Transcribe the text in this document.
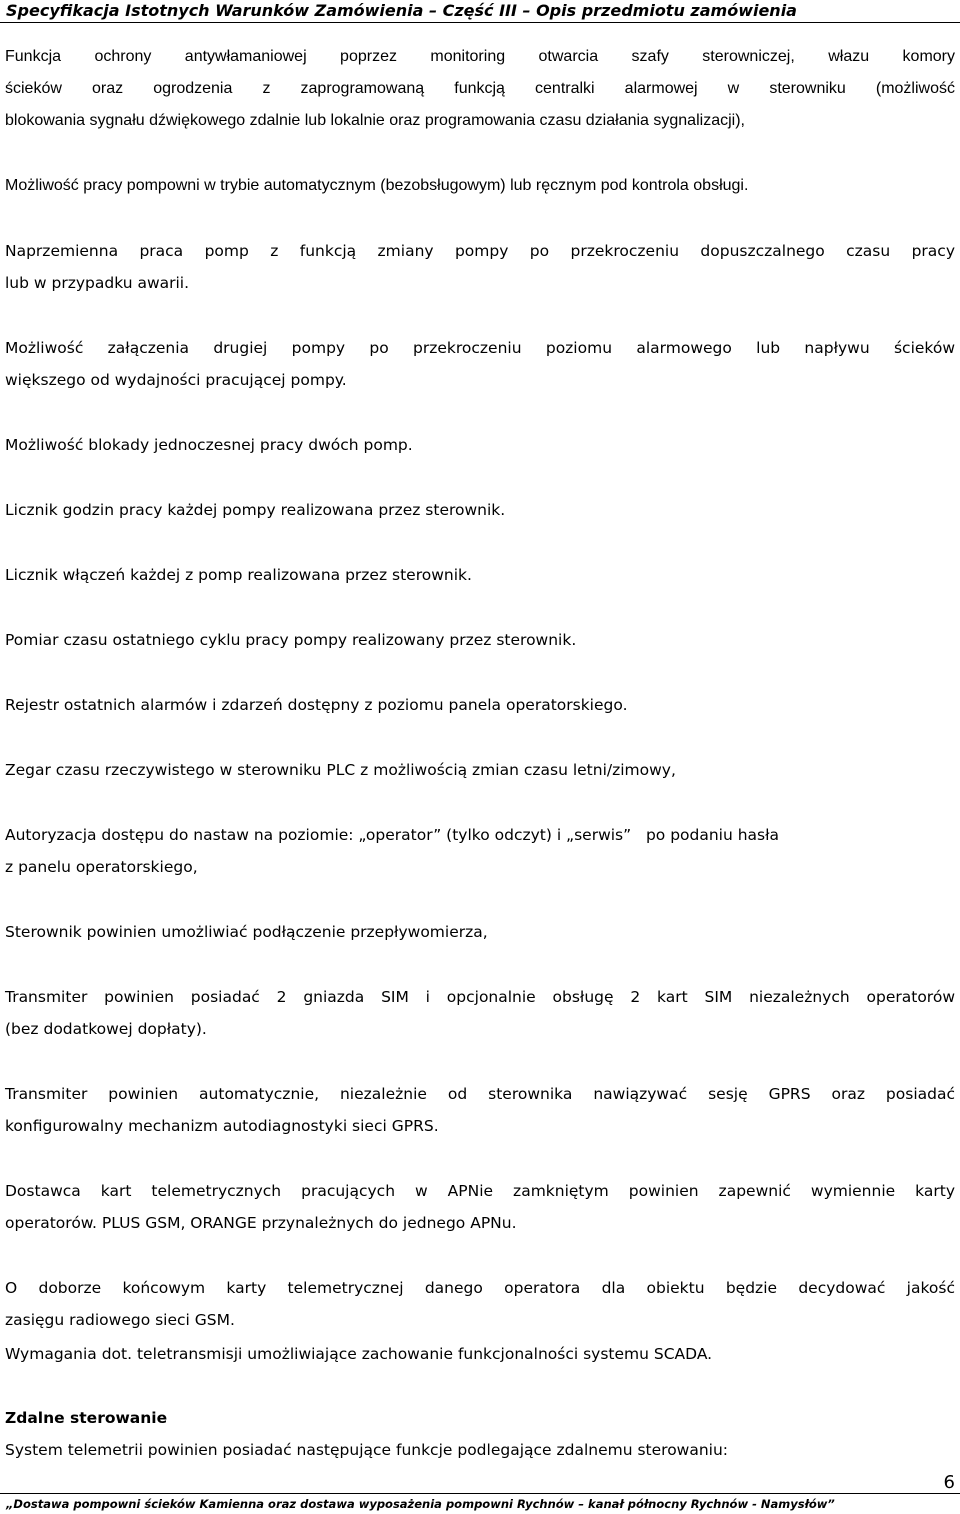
Specyfikacja Istotnych Warunków Zamówienia – Część III – Opis przedmiotu zamówienia
Funkcja ochrony antywłamaniowej poprzez monitoring otwarcia szafy sterowniczej, włazu komory
ścieków oraz ogrodzenia z zaprogramowaną funkcją centralki alarmowej w sterowniku (możliwość
blokowania sygnału dźwiękowego zdalnie lub lokalnie oraz programowania czasu działania sygnalizacji),
Możliwość pracy pompowni w trybie automatycznym (bezobsługowym) lub ręcznym pod kontrola obsługi.
Naprzemienna praca pomp z funkcją zmiany pompy po przekroczeniu dopuszczalnego czasu pracy
lub w przypadku awarii.
Możliwość załączenia drugiej pompy po przekroczeniu poziomu alarmowego lub napływu ścieków
większego od wydajności pracującej pompy.
Możliwość blokady jednoczesnej pracy dwóch pomp.
Licznik godzin pracy każdej pompy realizowana przez sterownik.
Licznik włączeń każdej z pomp realizowana przez sterownik.
Pomiar czasu ostatniego cyklu pracy pompy realizowany przez sterownik.
Rejestr ostatnich alarmów i zdarzeń dostępny z poziomu panela operatorskiego.
Zegar czasu rzeczywistego w sterowniku PLC z możliwością zmian czasu letni/zimowy,
Autoryzacja dostępu do nastaw na poziomie: „operator” (tylko odczyt) i „serwis”   po podaniu hasła
z panelu operatorskiego,
Sterownik powinien umożliwiać podłączenie przepływomierza,
Transmiter powinien posiadać 2 gniazda SIM i opcjonalnie obsługę 2 kart SIM niezależnych operatorów
(bez dodatkowej dopłaty).
Transmiter powinien automatycznie, niezależnie od sterownika nawiązywać sesję GPRS oraz posiadać
konfigurowalny mechanizm autodiagnostyki sieci GPRS.
Dostawca kart telemetrycznych pracujących w APNie zamkniętym powinien zapewnić wymiennie karty
operatorów. PLUS GSM, ORANGE przynależnych do jednego APNu.
O doborze końcowym karty telemetrycznej danego operatora dla obiektu będzie decydować jakość
zasięgu radiowego sieci GSM.
Wymagania dot. teletransmisji umożliwiające zachowanie funkcjonalności systemu SCADA.
Zdalne sterowanie
System telemetrii powinien posiadać następujące funkcje podlegające zdalnemu sterowaniu:
6
„Dostawa pompowni ścieków Kamienna oraz dostawa wyposażenia pompowni Rychnów – kanał północny Rychnów - Namysłów”
